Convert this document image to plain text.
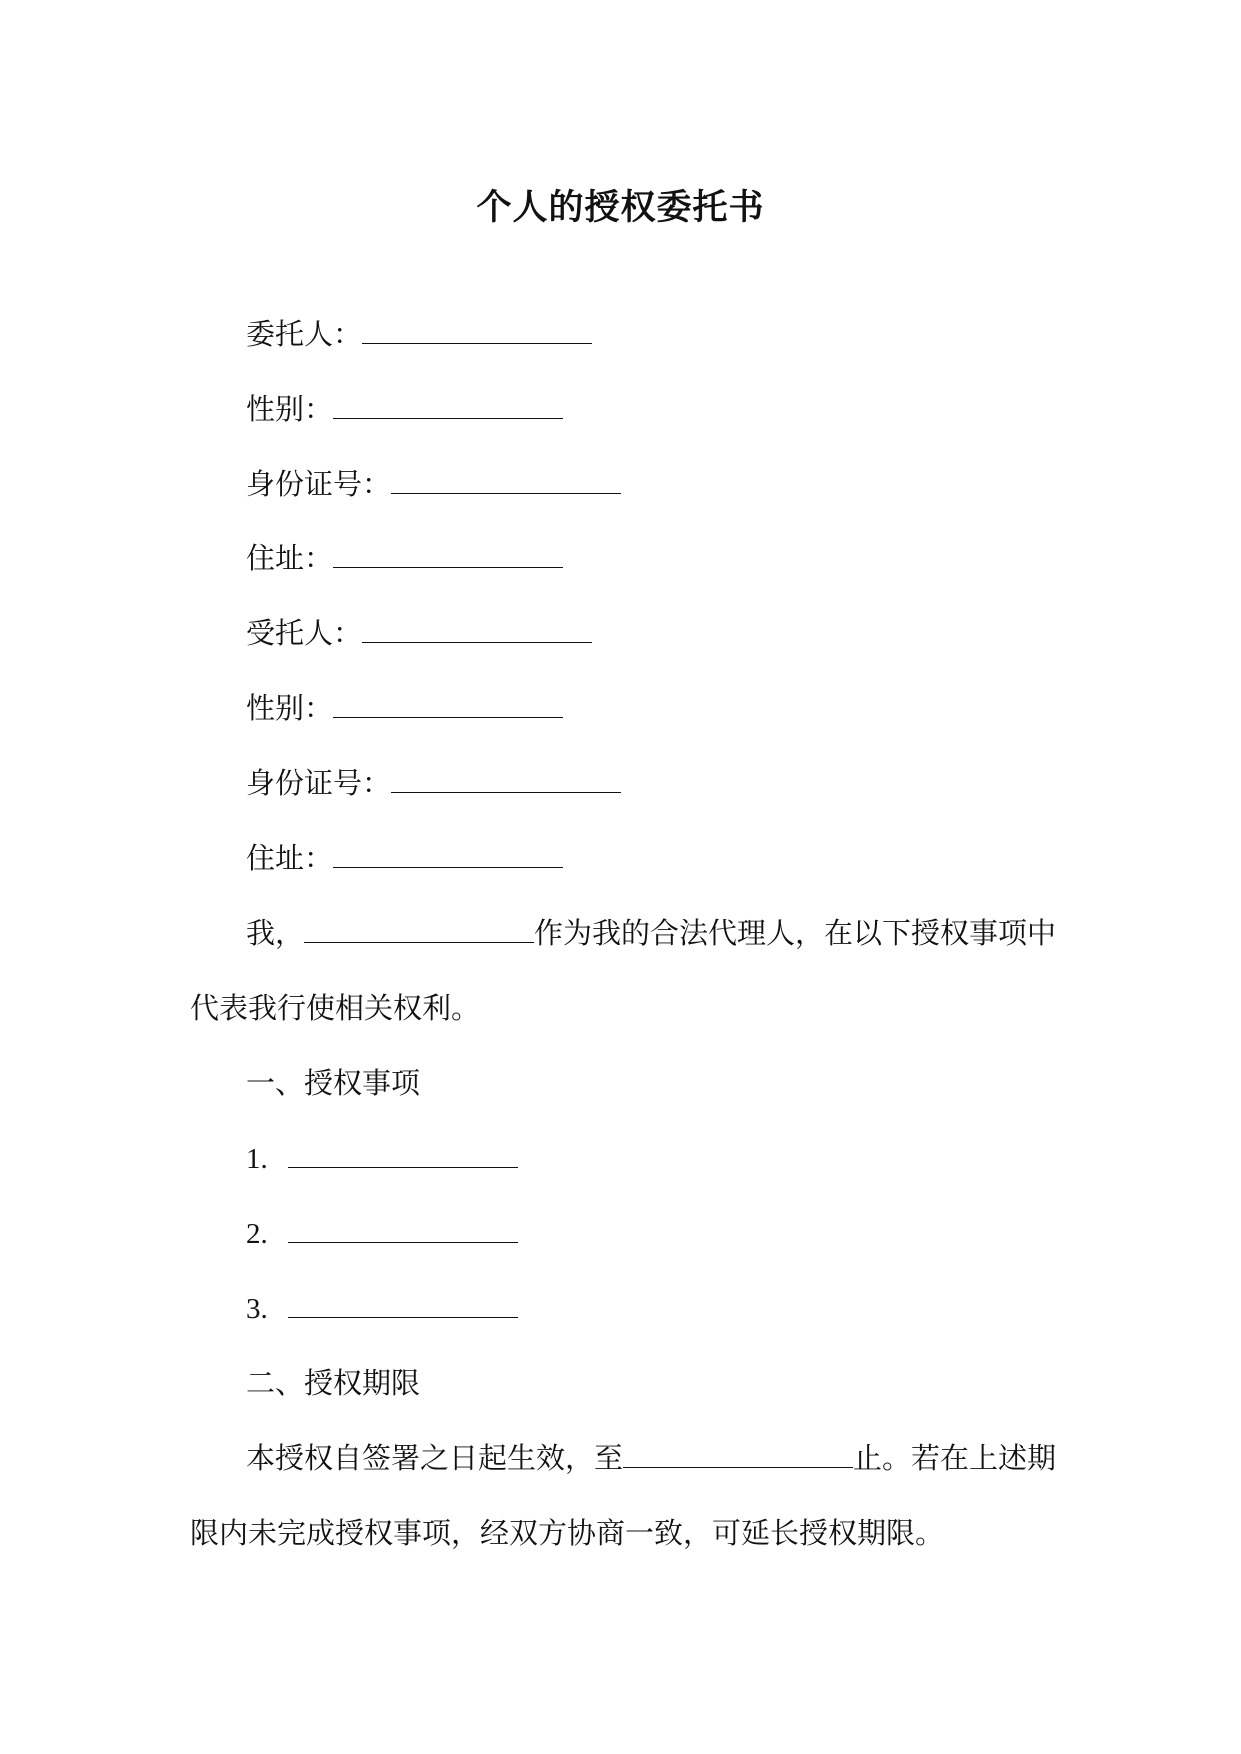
个人的授权委托书
委托人：
性别：
身份证号：
住址：
受托人：
性别：
身份证号：
住址：
我，	作为我的合法代理人，在以下授权事项中
代表我行使相关权利。
一、授权事项
1.
2.
3.
二、授权期限
本授权自签署之日起生效，至	止。若在上述期
限内未完成授权事项，经双方协商一致，可延长授权期限。
